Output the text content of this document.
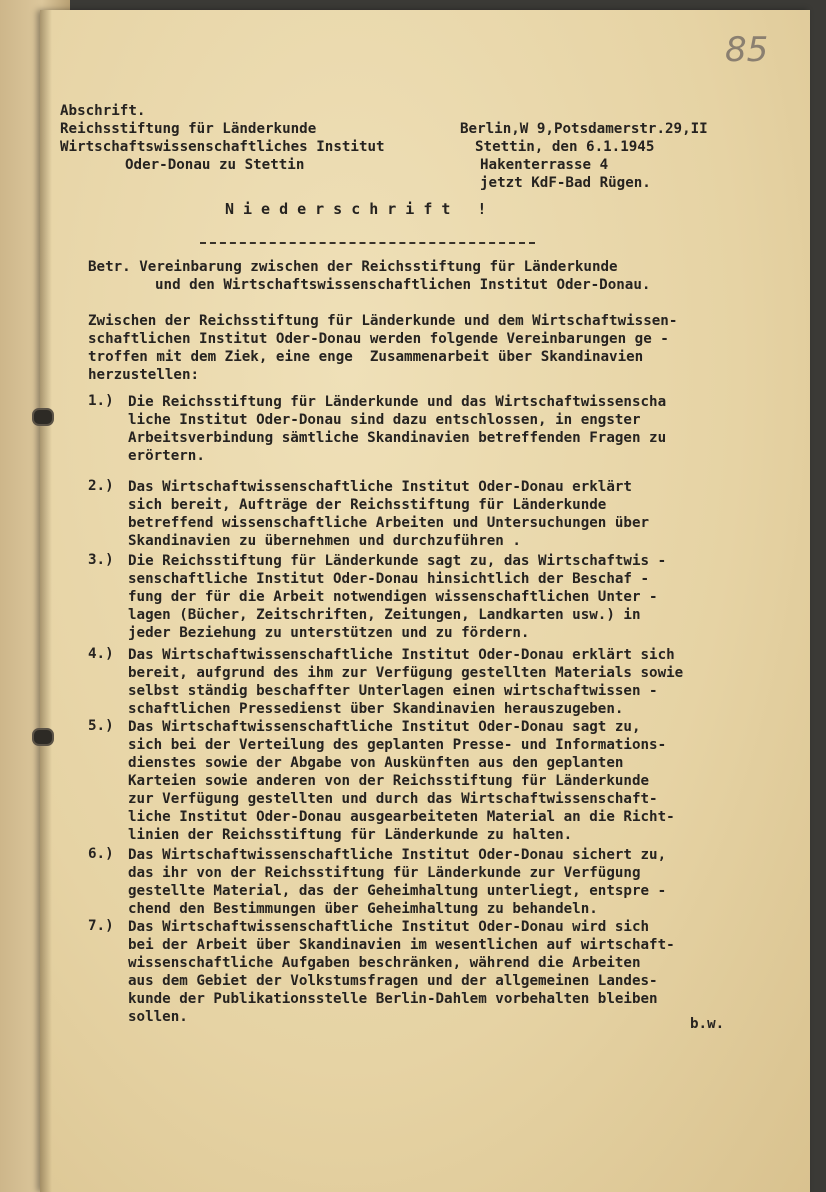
85
Abschrift.
Reichsstiftung für Länderkunde
Wirtschaftswissenschaftliches Institut
Oder-Donau zu Stettin
Berlin,W 9,Potsdamerstr.29,II
Stettin, den 6.1.1945
Hakenterrasse 4
jetzt KdF-Bad Rügen.
Niederschrift !
Betr. Vereinbarung zwischen der Reichsstiftung für Länderkunde
und den Wirtschaftswissenschaftlichen Institut Oder-Donau.
Zwischen der Reichsstiftung für Länderkunde und dem Wirtschaftwissen-
schaftlichen Institut Oder-Donau werden folgende Vereinbarungen ge -
troffen mit dem Ziek, eine enge  Zusammenarbeit über Skandinavien
herzustellen:
1.) Die Reichsstiftung für Länderkunde und das Wirtschaftwissenscha
liche Institut Oder-Donau sind dazu entschlossen, in engster
Arbeitsverbindung sämtliche Skandinavien betreffenden Fragen zu
erörtern.
2.) Das Wirtschaftwissenschaftliche Institut Oder-Donau erklärt
sich bereit, Aufträge der Reichsstiftung für Länderkunde
betreffend wissenschaftliche Arbeiten und Untersuchungen über
Skandinavien zu übernehmen und durchzuführen .
3.) Die Reichsstiftung für Länderkunde sagt zu, das Wirtschaftwis -
senschaftliche Institut Oder-Donau hinsichtlich der Beschaf -
fung der für die Arbeit notwendigen wissenschaftlichen Unter -
lagen (Bücher, Zeitschriften, Zeitungen, Landkarten usw.) in
jeder Beziehung zu unterstützen und zu fördern.
4.) Das Wirtschaftwissenschaftliche Institut Oder-Donau erklärt sich
bereit, aufgrund des ihm zur Verfügung gestellten Materials sowie
selbst ständig beschaffter Unterlagen einen wirtschaftwissen -
schaftlichen Pressedienst über Skandinavien herauszugeben.
5.) Das Wirtschaftwissenschaftliche Institut Oder-Donau sagt zu,
sich bei der Verteilung des geplanten Presse- und Informations-
dienstes sowie der Abgabe von Auskünften aus den geplanten
Karteien sowie anderen von der Reichsstiftung für Länderkunde
zur Verfügung gestellten und durch das Wirtschaftwissenschaft-
liche Institut Oder-Donau ausgearbeiteten Material an die Richt-
linien der Reichsstiftung für Länderkunde zu halten.
6.) Das Wirtschaftwissenschaftliche Institut Oder-Donau sichert zu,
das ihr von der Reichsstiftung für Länderkunde zur Verfügung
gestellte Material, das der Geheimhaltung unterliegt, entspre -
chend den Bestimmungen über Geheimhaltung zu behandeln.
7.) Das Wirtschaftwissenschaftliche Institut Oder-Donau wird sich
bei der Arbeit über Skandinavien im wesentlichen auf wirtschaft-
wissenschaftliche Aufgaben beschränken, während die Arbeiten
aus dem Gebiet der Volkstumsfragen und der allgemeinen Landes-
kunde der Publikationsstelle Berlin-Dahlem vorbehalten bleiben
sollen.	b.w.
